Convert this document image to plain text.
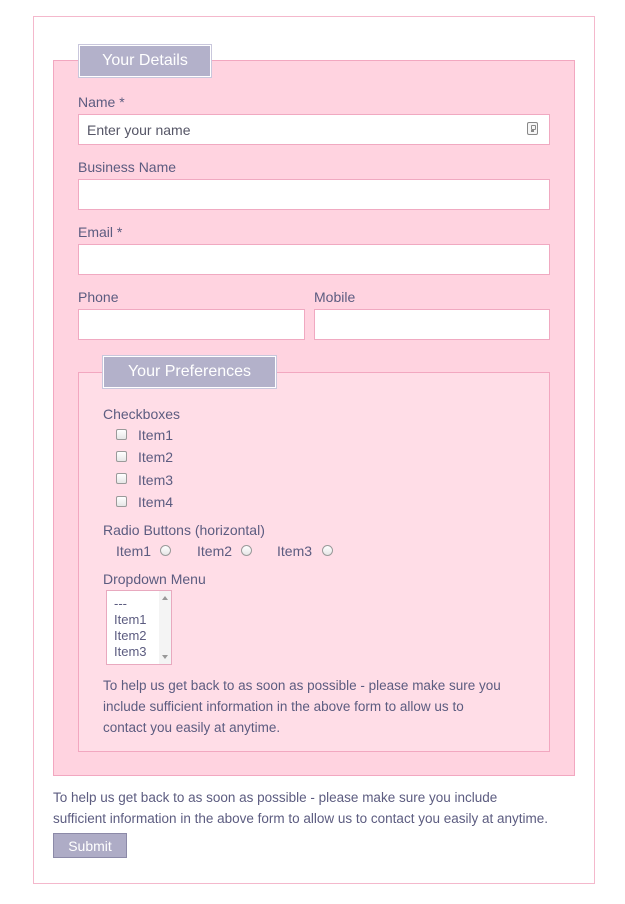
Your Details
Name *
Enter your name
Business Name
Email *
Phone	Mobile
Your Preferences
Checkboxes
Item1
Item2
Item3
Item4
Radio Buttons (horizontal)
Item1	Item2	Item3
Dropdown Menu
---
Item1
Item2
Item3
To help us get back to as soon as possible - please make sure you
include sufficient information in the above form to allow us to
contact you easily at anytime.
To help us get back to as soon as possible - please make sure you include
sufficient information in the above form to allow us to contact you easily at anytime.
Submit
